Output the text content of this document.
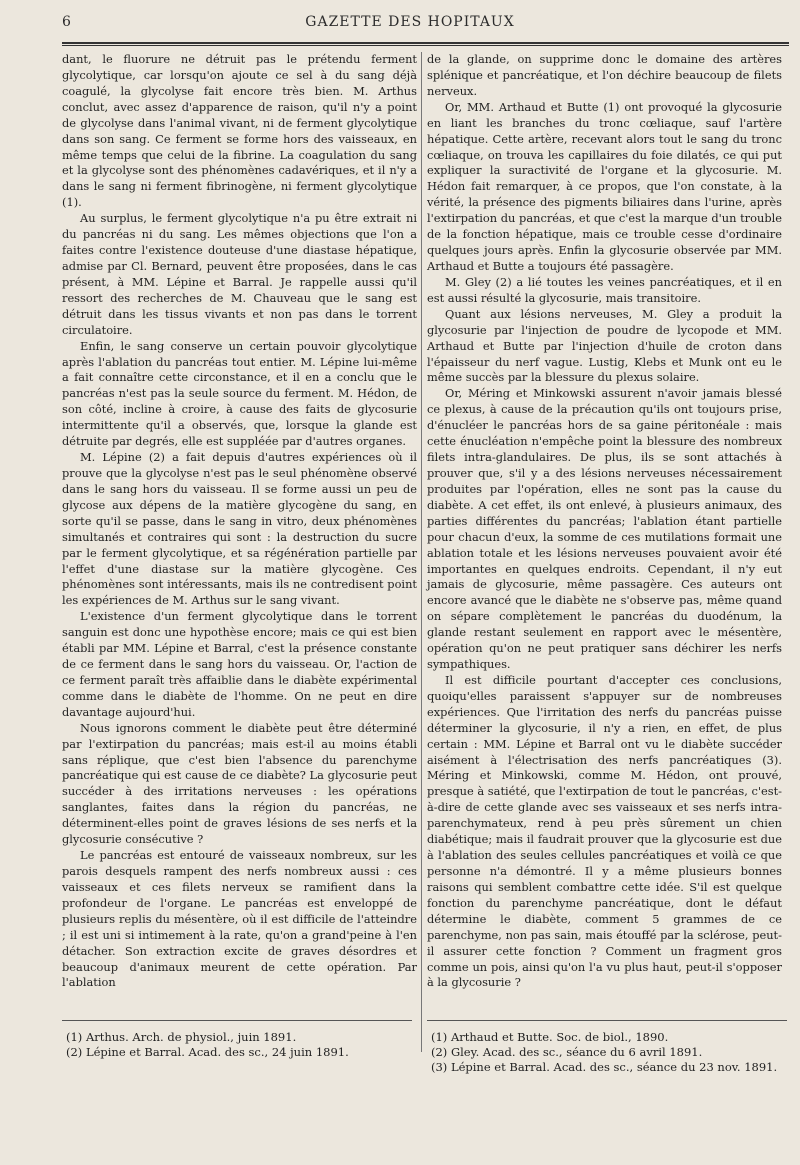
6	GAZETTE DES HOPITAUX

dant, le fluorure ne détruit pas le prétendu ferment glycolytique, car lorsqu'on ajoute ce sel à du sang déjà coagulé, la glycolyse fait encore très bien. M. Arthus conclut, avec assez d'apparence de raison, qu'il n'y a point de glycolyse dans l'animal vivant, ni de ferment glycolytique dans son sang. Ce ferment se forme hors des vaisseaux, en même temps que celui de la fibrine. La coagulation du sang et la glycolyse sont des phénomènes cadavériques, et il n'y a dans le sang ni ferment fibrinogène, ni ferment glycolytique (1).

Au surplus, le ferment glycolytique n'a pu être extrait ni du pancréas ni du sang. Les mêmes objections que l'on a faites contre l'existence douteuse d'une diastase hépatique, admise par Cl. Bernard, peuvent être proposées, dans le cas présent, à MM. Lépine et Barral. Je rappelle aussi qu'il ressort des recherches de M. Chauveau que le sang est détruit dans les tissus vivants et non pas dans le torrent circulatoire.

Enfin, le sang conserve un certain pouvoir glycolytique après l'ablation du pancréas tout entier. M. Lépine lui-même a fait connaître cette circonstance, et il en a conclu que le pancréas n'est pas la seule source du ferment. M. Hédon, de son côté, incline à croire, à cause des faits de glycosurie intermittente qu'il a observés, que, lorsque la glande est détruite par degrés, elle est suppléée par d'autres organes.

M. Lépine (2) a fait depuis d'autres expériences où il prouve que la glycolyse n'est pas le seul phénomène observé dans le sang hors du vaisseau. Il se forme aussi un peu de glycose aux dépens de la matière glycogène du sang, en sorte qu'il se passe, dans le sang in vitro, deux phénomènes simultanés et contraires qui sont : la destruction du sucre par le ferment glycolytique, et sa régénération partielle par l'effet d'une diastase sur la matière glycogène. Ces phénomènes sont intéressants, mais ils ne contredisent point les expériences de M. Arthus sur le sang vivant.

L'existence d'un ferment glycolytique dans le torrent sanguin est donc une hypothèse encore; mais ce qui est bien établi par MM. Lépine et Barral, c'est la présence constante de ce ferment dans le sang hors du vaisseau. Or, l'action de ce ferment paraît très affaiblie dans le diabète expérimental comme dans le diabète de l'homme. On ne peut en dire davantage aujourd'hui.

Nous ignorons comment le diabète peut être déterminé par l'extirpation du pancréas; mais est-il au moins établi sans réplique, que c'est bien l'absence du parenchyme pancréatique qui est cause de ce diabète? La glycosurie peut succéder à des irritations nerveuses : les opérations sanglantes, faites dans la région du pancréas, ne déterminent-elles point de graves lésions de ses nerfs et la glycosurie consécutive ?

Le pancréas est entouré de vaisseaux nombreux, sur les parois desquels rampent des nerfs nombreux aussi : ces vaisseaux et ces filets nerveux se ramifient dans la profondeur de l'organe. Le pancréas est enveloppé de plusieurs replis du mésentère, où il est difficile de l'atteindre ; il est uni si intimement à la rate, qu'on a grand'peine à l'en détacher. Son extraction excite de graves désordres et beaucoup d'animaux meurent de cette opération. Par l'ablation

de la glande, on supprime donc le domaine des artères splénique et pancréatique, et l'on déchire beaucoup de filets nerveux.

Or, MM. Arthaud et Butte (1) ont provoqué la glycosurie en liant les branches du tronc cœliaque, sauf l'artère hépatique. Cette artère, recevant alors tout le sang du tronc cœliaque, on trouva les capillaires du foie dilatés, ce qui put expliquer la suractivité de l'organe et la glycosurie. M. Hédon fait remarquer, à ce propos, que l'on constate, à la vérité, la présence des pigments biliaires dans l'urine, après l'extirpation du pancréas, et que c'est la marque d'un trouble de la fonction hépatique, mais ce trouble cesse d'ordinaire quelques jours après. Enfin la glycosurie observée par MM. Arthaud et Butte a toujours été passagère.

M. Gley (2) a lié toutes les veines pancréatiques, et il en est aussi résulté la glycosurie, mais transitoire.

Quant aux lésions nerveuses, M. Gley a produit la glycosurie par l'injection de poudre de lycopode et MM. Arthaud et Butte par l'injection d'huile de croton dans l'épaisseur du nerf vague. Lustig, Klebs et Munk ont eu le même succès par la blessure du plexus solaire.

Or, Méring et Minkowski assurent n'avoir jamais blessé ce plexus, à cause de la précaution qu'ils ont toujours prise, d'énucléer le pancréas hors de sa gaine péritonéale : mais cette énucléation n'empêche point la blessure des nombreux filets intra-glandulaires. De plus, ils se sont attachés à prouver que, s'il y a des lésions nerveuses nécessairement produites par l'opération, elles ne sont pas la cause du diabète. A cet effet, ils ont enlevé, à plusieurs animaux, des parties différentes du pancréas; l'ablation étant partielle pour chacun d'eux, la somme de ces mutilations formait une ablation totale et les lésions nerveuses pouvaient avoir été importantes en quelques endroits. Cependant, il n'y eut jamais de glycosurie, même passagère. Ces auteurs ont encore avancé que le diabète ne s'observe pas, même quand on sépare complètement le pancréas du duodénum, la glande restant seulement en rapport avec le mésentère, opération qu'on ne peut pratiquer sans déchirer les nerfs sympathiques.

Il est difficile pourtant d'accepter ces conclusions, quoiqu'elles paraissent s'appuyer sur de nombreuses expériences. Que l'irritation des nerfs du pancréas puisse déterminer la glycosurie, il n'y a rien, en effet, de plus certain : MM. Lépine et Barral ont vu le diabète succéder aisément à l'électrisation des nerfs pancréatiques (3). Méring et Minkowski, comme M. Hédon, ont prouvé, presque à satiété, que l'extirpation de tout le pancréas, c'est-à-dire de cette glande avec ses vaisseaux et ses nerfs intra-parenchymateux, rend à peu près sûrement un chien diabétique; mais il faudrait prouver que la glycosurie est due à l'ablation des seules cellules pancréatiques et voilà ce que personne n'a démontré. Il y a même plusieurs bonnes raisons qui semblent combattre cette idée. S'il est quelque fonction du parenchyme pancréatique, dont le défaut détermine le diabète, comment 5 grammes de ce parenchyme, non pas sain, mais étouffé par la sclérose, peut-il assurer cette fonction ? Comment un fragment gros comme un pois, ainsi qu'on l'a vu plus haut, peut-il s'opposer à la glycosurie ?

(1) Arthus. Arch. de physiol., juin 1891.
(2) Lépine et Barral. Acad. des sc., 24 juin 1891.
(1) Arthaud et Butte. Soc. de biol., 1890.
(2) Gley. Acad. des sc., séance du 6 avril 1891.
(3) Lépine et Barral. Acad. des sc., séance du 23 nov. 1891.
